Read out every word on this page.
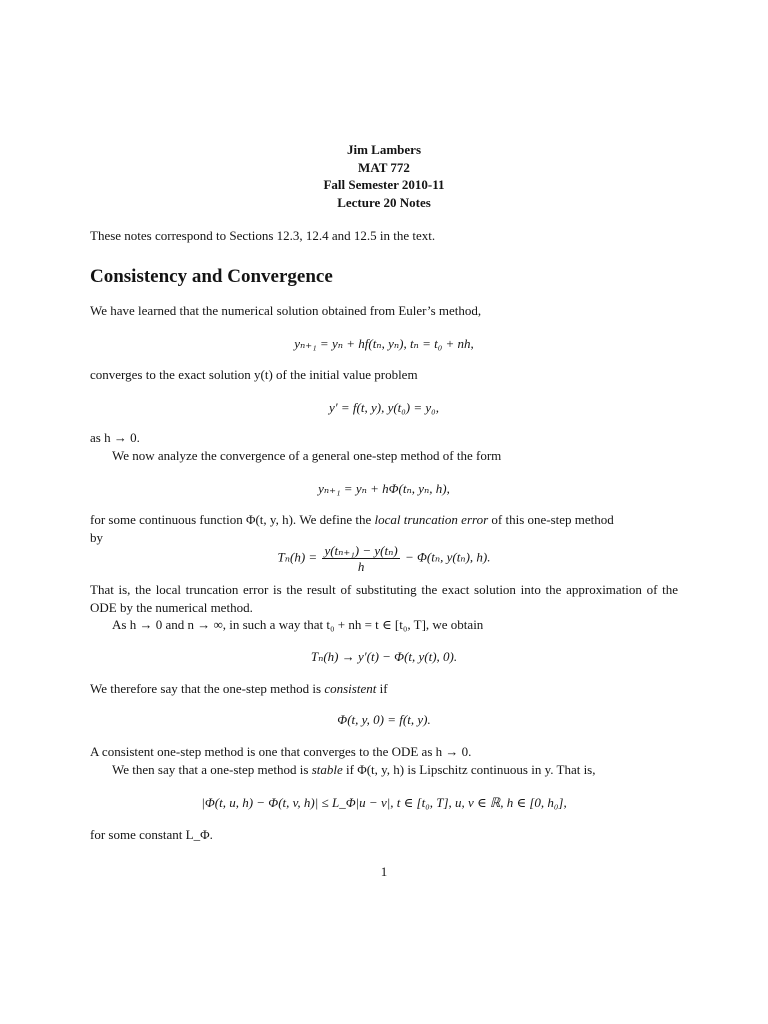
Jim Lambers
MAT 772
Fall Semester 2010-11
Lecture 20 Notes
These notes correspond to Sections 12.3, 12.4 and 12.5 in the text.
Consistency and Convergence
We have learned that the numerical solution obtained from Euler’s method,
yₙ₊₁ = yₙ + hf(tₙ, yₙ), tₙ = t₀ + nh,
converges to the exact solution y(t) of the initial value problem
y′ = f(t, y), y(t₀) = y₀,
as h → 0.
We now analyze the convergence of a general one-step method of the form
yₙ₊₁ = yₙ + hΦ(tₙ, yₙ, h),
for some continuous function Φ(t, y, h). We define the local truncation error of this one-step method
by
$T_n(h) = \frac{\text{y(tₙ₊₁) − y(tₙ)}}{h} - \Phi(t_n$, y(tₙ), h).
That is, the local truncation error is the result of substituting the exact solution into the approximation of the ODE by the numerical method.
As h → 0 and n → ∞, in such a way that t₀ + nh = t ∈ [t₀, T], we obtain
Tₙ(h) → y′(t) − Φ(t, y(t), 0).
We therefore say that the one-step method is consistent if
Φ(t, y, 0) = f(t, y).
A consistent one-step method is one that converges to the ODE as h → 0.
We then say that a one-step method is stable if Φ(t, y, h) is Lipschitz continuous in y. That is,
|Φ(t, u, h) − Φ(t, v, h)| ≤ L_Φ|u − v|, t ∈ [t₀, T], u, v ∈ ℝ, h ∈ [0, h₀],
for some constant L_Φ.
1
